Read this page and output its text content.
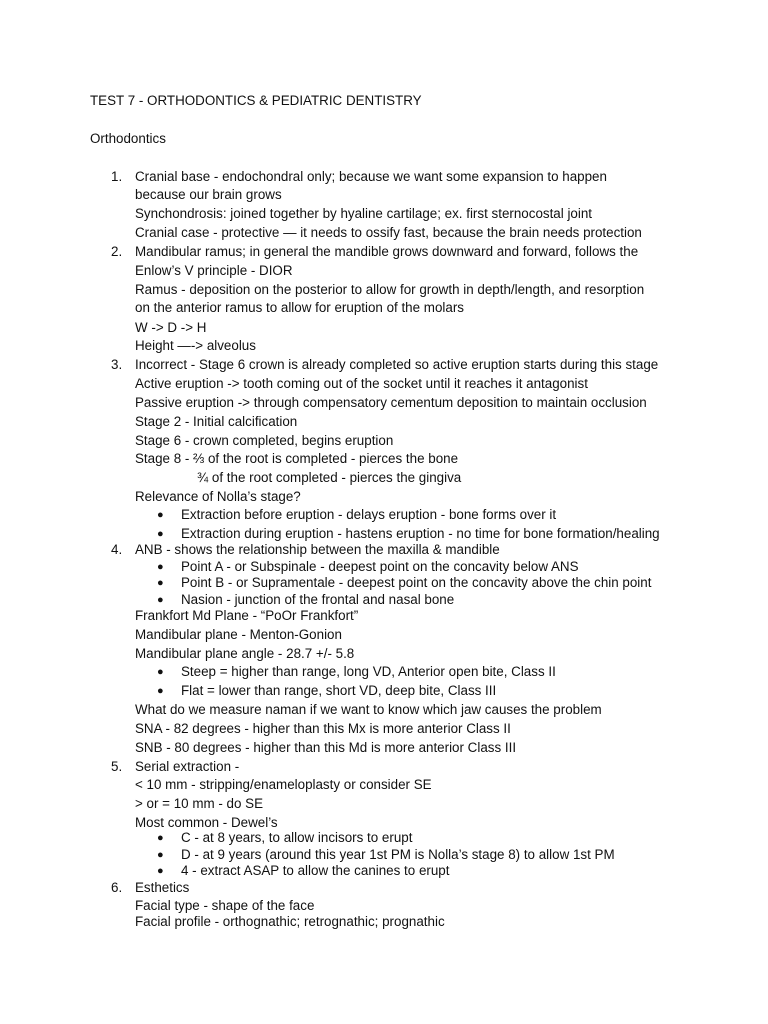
TEST 7 - ORTHODONTICS & PEDIATRIC DENTISTRY
Orthodontics
1. Cranial base - endochondral only; because we want some expansion to happen
because our brain grows
Synchondrosis: joined together by hyaline cartilage; ex. first sternocostal joint
Cranial case - protective — it needs to ossify fast, because the brain needs protection
2. Mandibular ramus; in general the mandible grows downward and forward, follows the
Enlow’s V principle - DIOR
Ramus - deposition on the posterior to allow for growth in depth/length, and resorption
on the anterior ramus to allow for eruption of the molars
W -> D -> H
Height —-> alveolus
3. Incorrect - Stage 6 crown is already completed so active eruption starts during this stage
Active eruption -> tooth coming out of the socket until it reaches it antagonist
Passive eruption -> through compensatory cementum deposition to maintain occlusion
Stage 2 - Initial calcification
Stage 6 - crown completed, begins eruption
Stage 8 - ⅔ of the root is completed - pierces the bone
¾ of the root completed - pierces the gingiva
Relevance of Nolla’s stage?
● Extraction before eruption - delays eruption - bone forms over it
● Extraction during eruption - hastens eruption - no time for bone formation/healing
4. ANB - shows the relationship between the maxilla & mandible
● Point A - or Subspinale - deepest point on the concavity below ANS
● Point B - or Supramentale - deepest point on the concavity above the chin point
● Nasion - junction of the frontal and nasal bone
Frankfort Md Plane - “PoOr Frankfort”
Mandibular plane - Menton-Gonion
Mandibular plane angle - 28.7 +/- 5.8
● Steep = higher than range, long VD, Anterior open bite, Class II
● Flat = lower than range, short VD, deep bite, Class III
What do we measure naman if we want to know which jaw causes the problem
SNA - 82 degrees - higher than this Mx is more anterior Class II
SNB - 80 degrees - higher than this Md is more anterior Class III
5. Serial extraction -
< 10 mm - stripping/enameloplasty or consider SE
> or = 10 mm - do SE
Most common - Dewel’s
● C - at 8 years, to allow incisors to erupt
● D - at 9 years (around this year 1st PM is Nolla’s stage 8) to allow 1st PM
● 4 - extract ASAP to allow the canines to erupt
6. Esthetics
Facial type - shape of the face
Facial profile - orthognathic; retrognathic; prognathic
